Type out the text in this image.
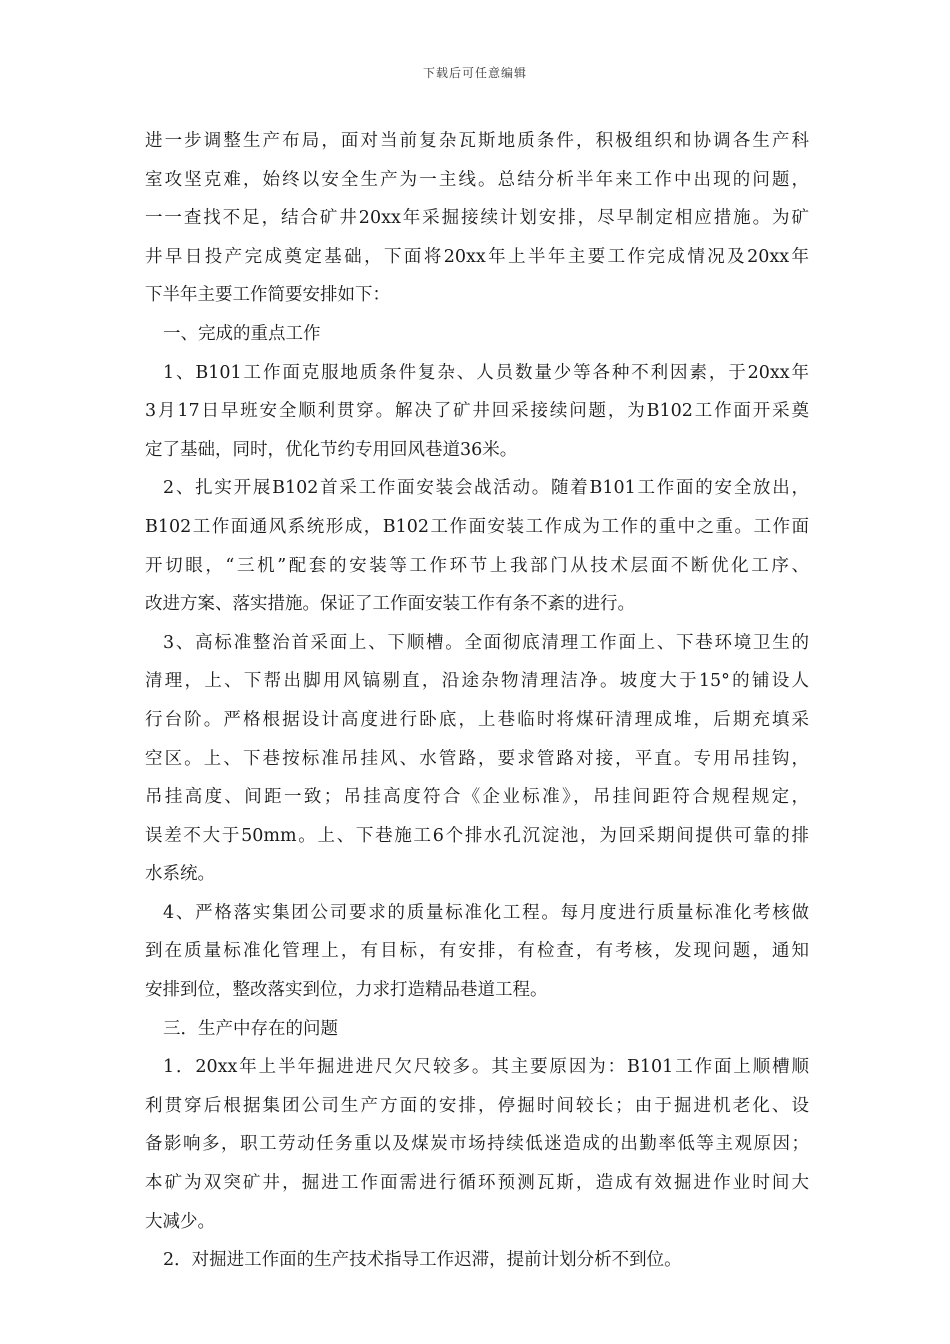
下载后可任意编辑
进一步调整生产布局，面对当前复杂瓦斯地质条件，积极组织和协调各生产科
室攻坚克难，始终以安全生产为一主线。总结分析半年来工作中出现的问题，
一一查找不足，结合矿井20xx年采掘接续计划安排，尽早制定相应措施。为矿
井早日投产完成奠定基础，下面将20xx年上半年主要工作完成情况及20xx年
下半年主要工作简要安排如下：
一、完成的重点工作
1、B101工作面克服地质条件复杂、人员数量少等各种不利因素，于20xx年
3月17日早班安全顺利贯穿。解决了矿井回采接续问题，为B102工作面开采奠
定了基础，同时，优化节约专用回风巷道36米。
2、扎实开展B102首采工作面安装会战活动。随着B101工作面的安全放出，
B102工作面通风系统形成，B102工作面安装工作成为工作的重中之重。工作面
开切眼，“三机”配套的安装等工作环节上我部门从技术层面不断优化工序、
改进方案、落实措施。保证了工作面安装工作有条不紊的进行。
3、高标准整治首采面上、下顺槽。全面彻底清理工作面上、下巷环境卫生的
清理，上、下帮出脚用风镐剔直，沿途杂物清理洁净。坡度大于15°的铺设人
行台阶。严格根据设计高度进行卧底，上巷临时将煤矸清理成堆，后期充填采
空区。上、下巷按标准吊挂风、水管路，要求管路对接，平直。专用吊挂钩，
吊挂高度、间距一致；吊挂高度符合《企业标准》，吊挂间距符合规程规定，
误差不大于50mm。上、下巷施工6个排水孔沉淀池，为回采期间提供可靠的排
水系统。
4、严格落实集团公司要求的质量标准化工程。每月度进行质量标准化考核做
到在质量标准化管理上，有目标，有安排，有检查，有考核，发现问题，通知
安排到位，整改落实到位，力求打造精品巷道工程。
三．生产中存在的问题
1．20xx年上半年掘进进尺欠尺较多。其主要原因为：B101工作面上顺槽顺
利贯穿后根据集团公司生产方面的安排，停掘时间较长；由于掘进机老化、设
备影响多，职工劳动任务重以及煤炭市场持续低迷造成的出勤率低等主观原因；
本矿为双突矿井，掘进工作面需进行循环预测瓦斯，造成有效掘进作业时间大
大减少。
2．对掘进工作面的生产技术指导工作迟滞，提前计划分析不到位。
